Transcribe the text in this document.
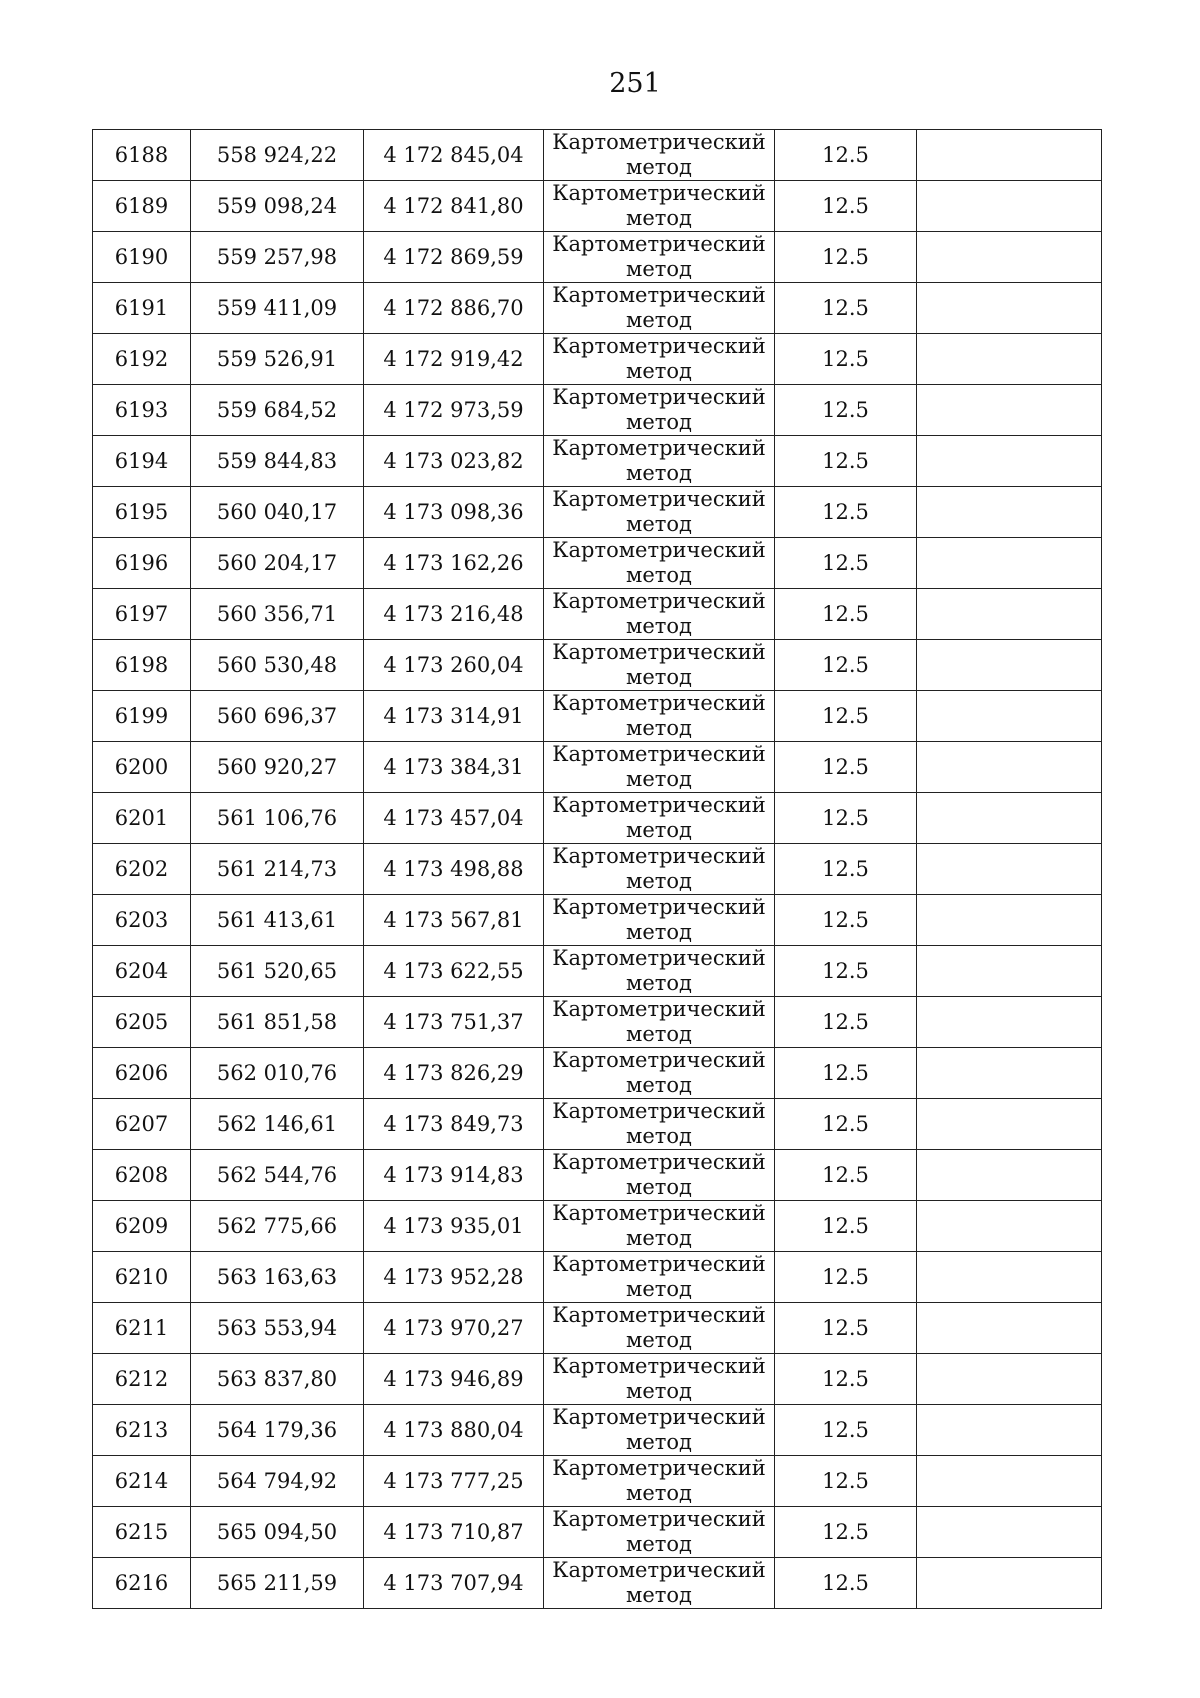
251
6188	558 924,22	4 172 845,04	Картометрический
метод	12.5	
6189	559 098,24	4 172 841,80	Картометрический
метод	12.5	
6190	559 257,98	4 172 869,59	Картометрический
метод	12.5	
6191	559 411,09	4 172 886,70	Картометрический
метод	12.5	
6192	559 526,91	4 172 919,42	Картометрический
метод	12.5	
6193	559 684,52	4 172 973,59	Картометрический
метод	12.5	
6194	559 844,83	4 173 023,82	Картометрический
метод	12.5	
6195	560 040,17	4 173 098,36	Картометрический
метод	12.5	
6196	560 204,17	4 173 162,26	Картометрический
метод	12.5	
6197	560 356,71	4 173 216,48	Картометрический
метод	12.5	
6198	560 530,48	4 173 260,04	Картометрический
метод	12.5	
6199	560 696,37	4 173 314,91	Картометрический
метод	12.5	
6200	560 920,27	4 173 384,31	Картометрический
метод	12.5	
6201	561 106,76	4 173 457,04	Картометрический
метод	12.5	
6202	561 214,73	4 173 498,88	Картометрический
метод	12.5	
6203	561 413,61	4 173 567,81	Картометрический
метод	12.5	
6204	561 520,65	4 173 622,55	Картометрический
метод	12.5	
6205	561 851,58	4 173 751,37	Картометрический
метод	12.5	
6206	562 010,76	4 173 826,29	Картометрический
метод	12.5	
6207	562 146,61	4 173 849,73	Картометрический
метод	12.5	
6208	562 544,76	4 173 914,83	Картометрический
метод	12.5	
6209	562 775,66	4 173 935,01	Картометрический
метод	12.5	
6210	563 163,63	4 173 952,28	Картометрический
метод	12.5	
6211	563 553,94	4 173 970,27	Картометрический
метод	12.5	
6212	563 837,80	4 173 946,89	Картометрический
метод	12.5	
6213	564 179,36	4 173 880,04	Картометрический
метод	12.5	
6214	564 794,92	4 173 777,25	Картометрический
метод	12.5	
6215	565 094,50	4 173 710,87	Картометрический
метод	12.5	
6216	565 211,59	4 173 707,94	Картометрический
метод	12.5	
